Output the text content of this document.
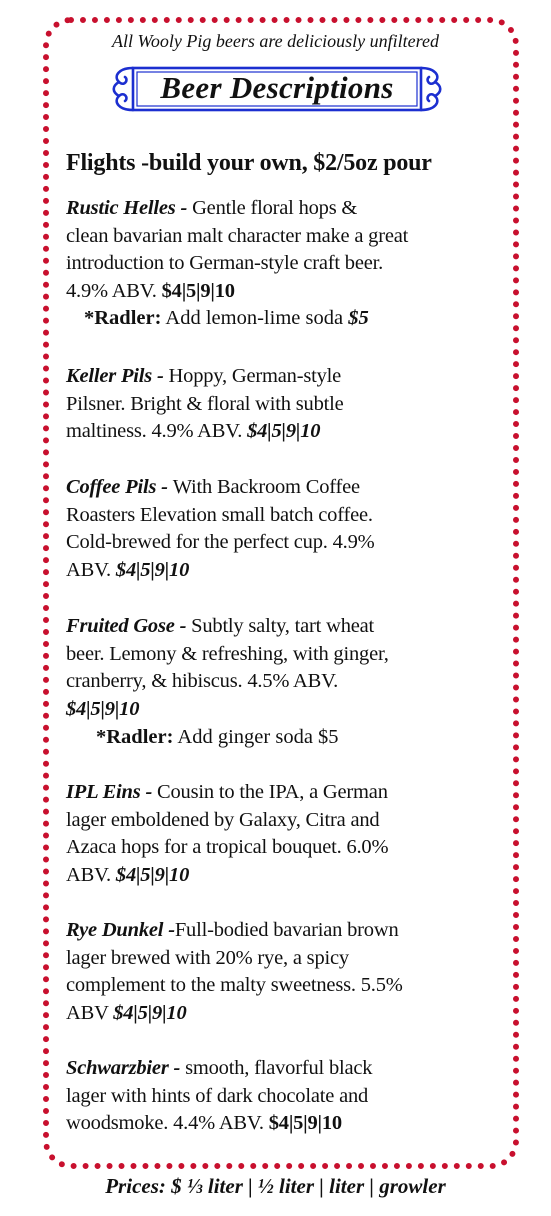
All Wooly Pig beers are deliciously unfiltered
Beer Descriptions
Flights -build your own, $2/5oz pour
Rustic Helles - Gentle floral hops &
clean bavarian malt character make a great
introduction to German-style craft beer.
4.9% ABV. $4|5|9|10
*Radler: Add lemon-lime soda $5
Keller Pils - Hoppy, German-style
Pilsner. Bright & floral with subtle
maltiness. 4.9% ABV. $4|5|9|10
Coffee Pils - With Backroom Coffee
Roasters Elevation small batch coffee.
Cold-brewed for the perfect cup. 4.9%
ABV. $4|5|9|10
Fruited Gose - Subtly salty, tart wheat
beer. Lemony & refreshing, with ginger,
cranberry, & hibiscus. 4.5% ABV.
$4|5|9|10
*Radler: Add ginger soda $5
IPL Eins - Cousin to the IPA, a German
lager emboldened by Galaxy, Citra and
Azaca hops for a tropical bouquet. 6.0%
ABV. $4|5|9|10
Rye Dunkel -Full-bodied bavarian brown
lager brewed with 20% rye, a spicy
complement to the malty sweetness. 5.5%
ABV $4|5|9|10
Schwarzbier - smooth, flavorful black
lager with hints of dark chocolate and
woodsmoke. 4.4% ABV. $4|5|9|10
Prices: $ ⅓ liter | ½ liter | liter | growler
